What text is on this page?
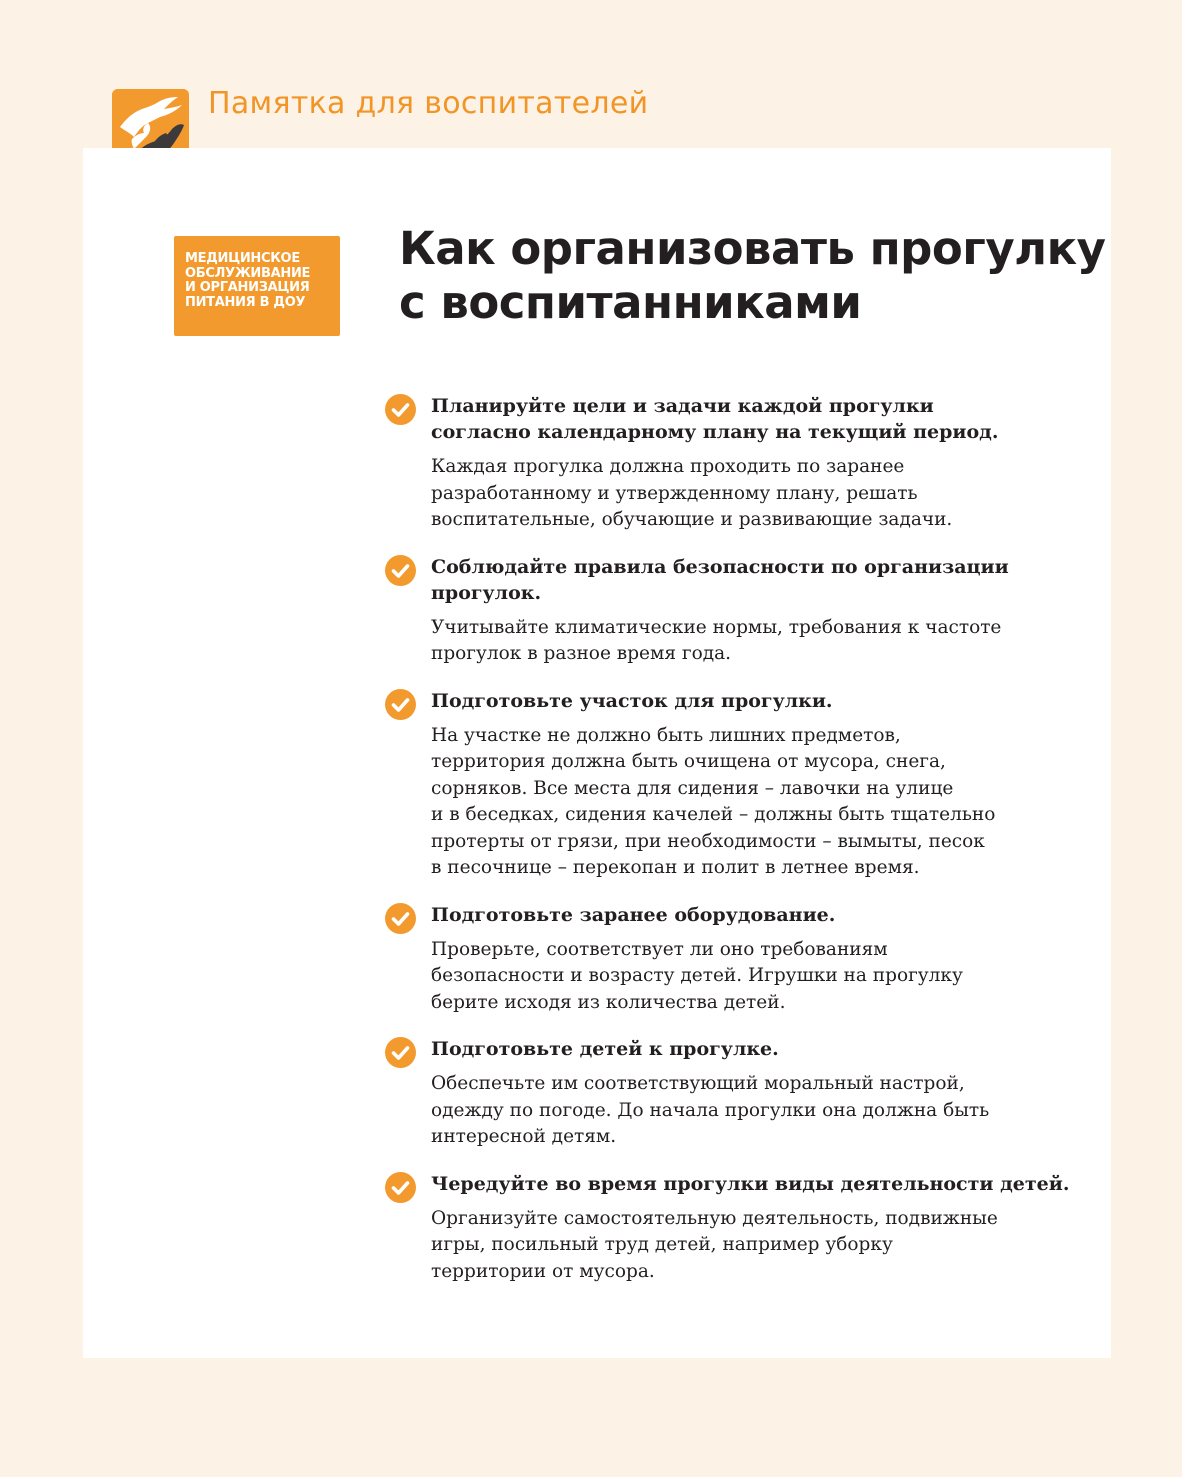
Памятка для воспитателей
МЕДИЦИНСКОЕ
ОБСЛУЖИВАНИЕ
И ОРГАНИЗАЦИЯ
ПИТАНИЯ В ДОУ
Как организовать прогулку
с воспитанниками
Планируйте цели и задачи каждой прогулки
согласно календарному плану на текущий период.
Каждая прогулка должна проходить по заранее
разработанному и утвержденному плану, решать
воспитательные, обучающие и развивающие задачи.
Соблюдайте правила безопасности по организации
прогулок.
Учитывайте климатические нормы, требования к частоте
прогулок в разное время года.
Подготовьте участок для прогулки.
На участке не должно быть лишних предметов,
территория должна быть очищена от мусора, снега,
сорняков. Все места для сидения – лавочки на улице
и в беседках, сидения качелей – должны быть тщательно
протерты от грязи, при необходимости – вымыты, песок
в песочнице – перекопан и полит в летнее время.
Подготовьте заранее оборудование.
Проверьте, соответствует ли оно требованиям
безопасности и возрасту детей. Игрушки на прогулку
берите исходя из количества детей.
Подготовьте детей к прогулке.
Обеспечьте им соответствующий моральный настрой,
одежду по погоде. До начала прогулки она должна быть
интересной детям.
Чередуйте во время прогулки виды деятельности детей.
Организуйте самостоятельную деятельность, подвижные
игры, посильный труд детей, например уборку
территории от мусора.
